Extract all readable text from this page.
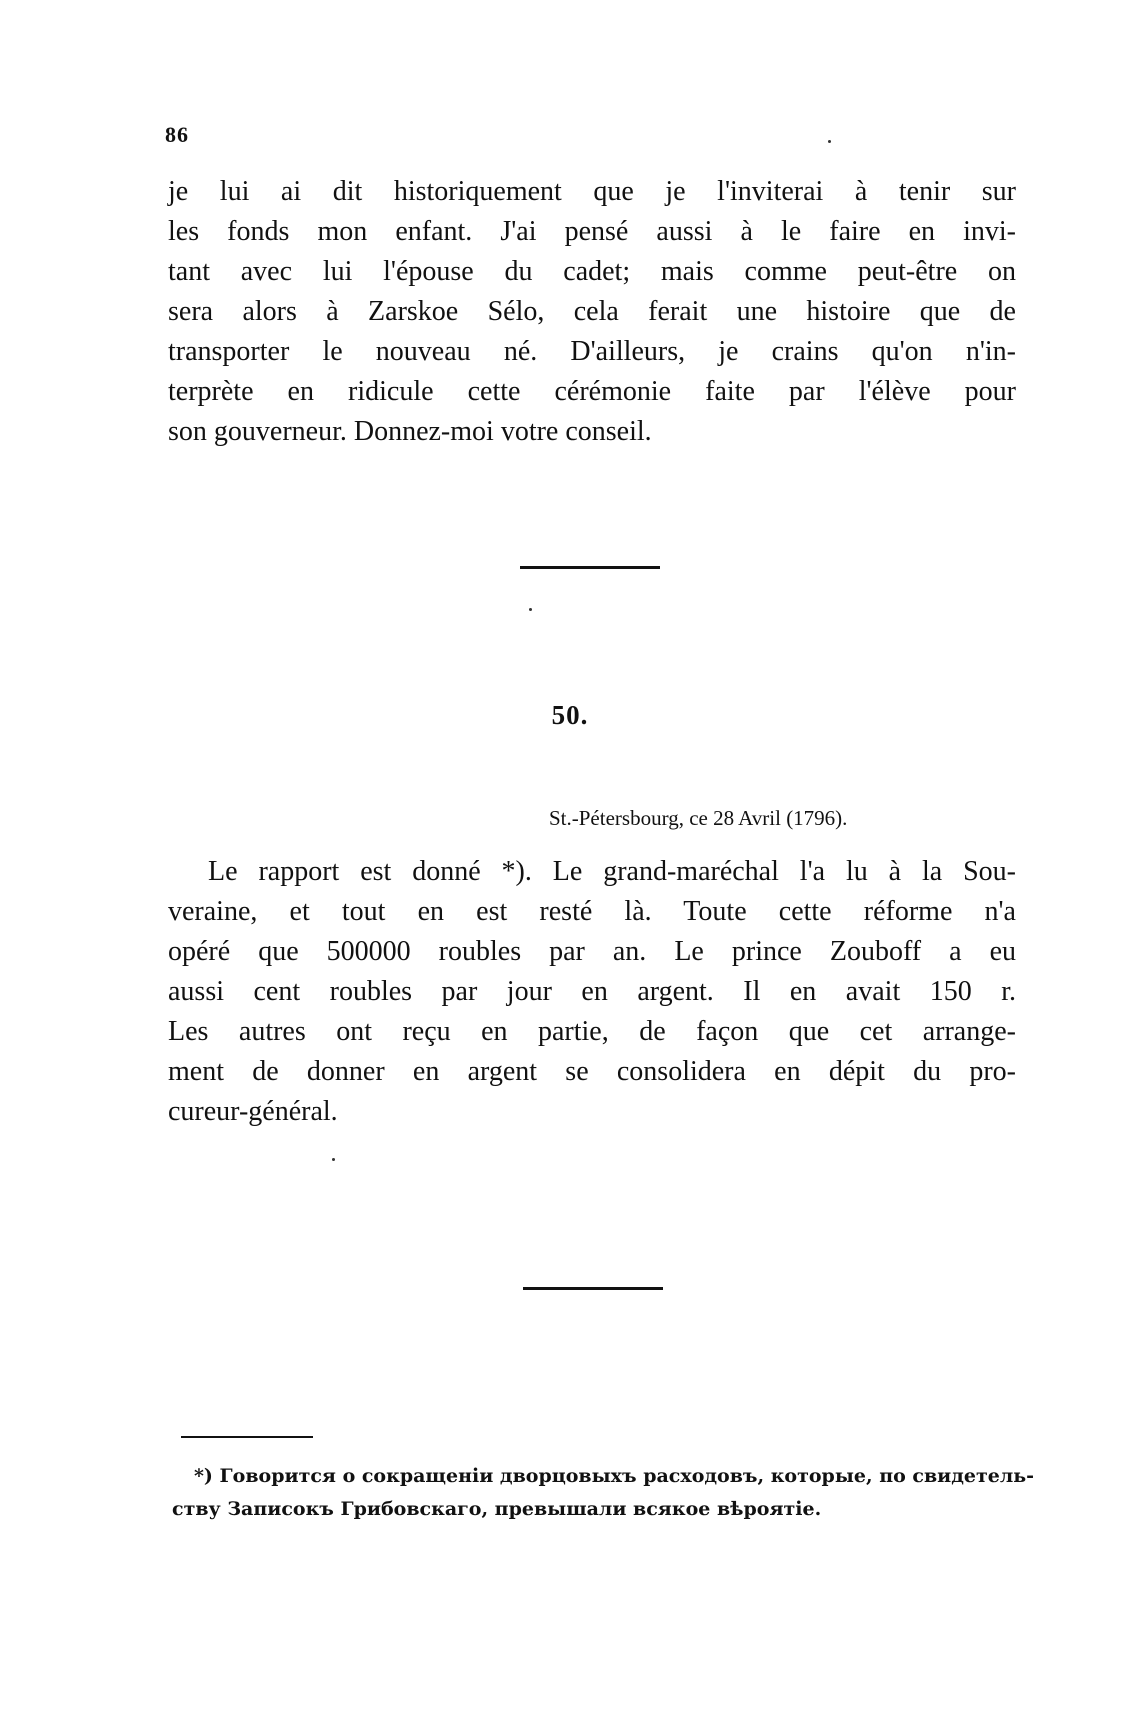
86
je lui ai dit historiquement que je l'inviterai à tenir sur
les fonds mon enfant. J'ai pensé aussi à le faire en invi-
tant avec lui l'épouse du cadet; mais comme peut-être on
sera alors à Zarskoe Sélo, cela ferait une histoire que de
transporter le nouveau né. D'ailleurs, je crains qu'on n'in-
terprète en ridicule cette cérémonie faite par l'élève pour
son gouverneur. Donnez-moi votre conseil.
50.
St.-Pétersbourg, ce 28 Avril (1796).
Le rapport est donné *). Le grand-maréchal l'a lu à la Sou-
veraine, et tout en est resté là. Toute cette réforme n'a
opéré que 500000 roubles par an. Le prince Zouboff a eu
aussi cent roubles par jour en argent. Il en avait 150 r.
Les autres ont reçu en partie, de façon que cet arrange-
ment de donner en argent se consolidera en dépit du pro-
cureur-général.
*) Говорится о сокращеніи дворцовыхъ расходовъ, которые, по свидетель-
ству Записокъ Грибовскаго, превышали всякое вѣроятіе.
